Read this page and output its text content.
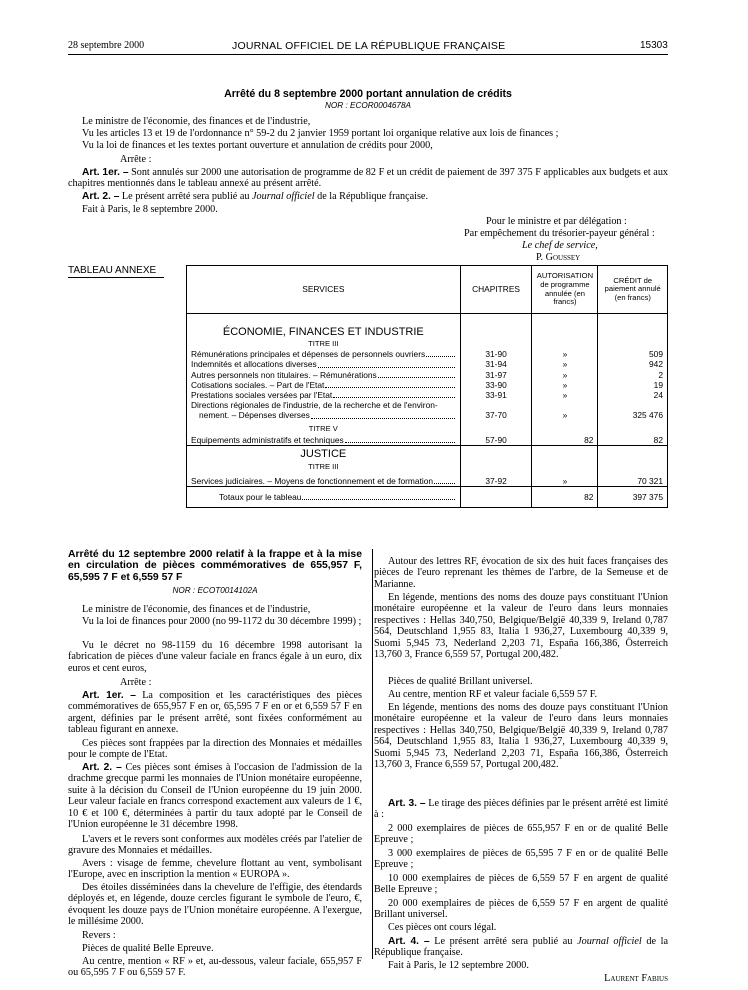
28 septembre 2000	JOURNAL OFFICIEL DE LA RÉPUBLIQUE FRANÇAISE	15303
Arrêté du 8 septembre 2000 portant annulation de crédits
NOR : ECOR0004678A

Le ministre de l'économie, des finances et de l'industrie,

Vu les articles 13 et 19 de l'ordonnance n° 59-2 du 2 janvier 1959 portant loi organique relative aux lois de finances ;

Vu la loi de finances et les textes portant ouverture et annulation de crédits pour 2000,

Arrête :

Art. 1er. – Sont annulés sur 2000 une autorisation de programme de 82 F et un crédit de paiement de 397 375 F applicables aux budgets et aux chapitres mentionnés dans le tableau annexé au présent arrêté.

Art. 2. – Le présent arrêté sera publié au Journal officiel de la République française.

Fait à Paris, le 8 septembre 2000.

Pour le ministre et par délégation :

Par empêchement du trésorier-payeur général :

Le chef de service,

P. Goussey

TABLEAU ANNEXE
SERVICES	CHAPITRES	AUTORISATION de programme annulée (en francs)	CRÉDIT de paiement annulé (en francs)

ÉCONOMIE, FINANCES ET INDUSTRIE			
TITRE III			

Rémunérations principales et dépenses de personnels ouvriers	31-90	»	509

Indemnités et allocations diverses	31-94	»	942

Autres personnels non titulaires. – Rémunérations	31-97	»	2

Cotisations sociales. – Part de l'Etat	33-90	»	19

Prestations sociales versées par l'Etat	33-91	»	24
Directions régionales de l'industrie, de la recherche et de l'environ-			

nement. – Dépenses diverses	37-70	»	325 476
TITRE V			

Equipements administratifs et techniques	57-90	82	82
JUSTICE			
TITRE III			

Services judiciaires. – Moyens de fonctionnement et de formation	37-92	»	70 321

Totaux pour le tableau		82	397 375
Arrêté du 12 septembre 2000 relatif à la frappe et à la mise en circulation de pièces commémoratives de 655,957 F, 65,595 7 F et 6,559 57 F
NOR : ECOT0014102A

Le ministre de l'économie, des finances et de l'industrie,

Vu la loi de finances pour 2000 (no 99-1172 du 30 décembre 1999) ;

Vu le décret no 98-1159 du 16 décembre 1998 autorisant la fabrication de pièces d'une valeur faciale en francs égale à un euro, dix euros et cent euros,

Arrête :

Art. 1er. – La composition et les caractéristiques des pièces commémoratives de 655,957 F en or, 65,595 7 F en or et 6,559 57 F en argent, définies par le présent arrêté, sont fixées conformément au tableau figurant en annexe.

Ces pièces sont frappées par la direction des Monnaies et médailles pour le compte de l'Etat.

Art. 2. – Ces pièces sont émises à l'occasion de l'admission de la drachme grecque parmi les monnaies de l'Union monétaire européenne, suite à la décision du Conseil de l'Union européenne du 19 juin 2000. Leur valeur faciale en francs correspond exactement aux valeurs de 1 €, 10 € et 100 €, déterminées à partir du taux adopté par le Conseil de l'Union européenne le 31 décembre 1998.

L'avers et le revers sont conformes aux modèles créés par l'atelier de gravure des Monnaies et médailles.

Avers : visage de femme, chevelure flottant au vent, symbolisant l'Europe, avec en inscription la mention « EUROPA ».

Des étoiles disséminées dans la chevelure de l'effigie, des étendards déployés et, en légende, douze cercles figurant le symbole de l'euro, €, évoquent les douze pays de l'Union monétaire européenne. A l'exergue, le millésime 2000.

Revers :

Pièces de qualité Belle Epreuve.

Au centre, mention « RF » et, au-dessous, valeur faciale, 655,957 F ou 65,595 7 F ou 6,559 57 F.

Autour des lettres RF, évocation de six des huit faces françaises des pièces de l'euro reprenant les thèmes de l'arbre, de la Semeuse et de Marianne.

En légende, mentions des noms des douze pays constituant l'Union monétaire européenne et la valeur de l'euro dans leurs monnaies respectives : Hellas 340,750, Belgique/België 40,339 9, Ireland 0,787 564, Deutschland 1,955 83, Italia 1 936,27, Luxembourg 40,339 9, Suomi 5,945 73, Nederland 2,203 71, España 166,386, Österreich 13,760 3, France 6,559 57, Portugal 200,482.

Pièces de qualité Brillant universel.

Au centre, mention RF et valeur faciale 6,559 57 F.

En légende, mentions des noms des douze pays constituant l'Union monétaire européenne et la valeur de l'euro dans leurs monnaies respectives : Hellas 340,750, Belgique/België 40,339 9, Ireland 0,787 564, Deutschland 1,955 83, Italia 1 936,27, Luxembourg 40,339 9, Suomi 5,945 73, Nederland 2,203 71, España 166,386, Österreich 13,760 3, France 6,559 57, Portugal 200,482.

Art. 3. – Le tirage des pièces définies par le présent arrêté est limité à :

2 000 exemplaires de pièces de 655,957 F en or de qualité Belle Epreuve ;

3 000 exemplaires de pièces de 65,595 7 F en or de qualité Belle Epreuve ;

10 000 exemplaires de pièces de 6,559 57 F en argent de qualité Belle Epreuve ;

20 000 exemplaires de pièces de 6,559 57 F en argent de qualité Brillant universel.

Ces pièces ont cours légal.

Art. 4. – Le présent arrêté sera publié au Journal officiel de la République française.

Fait à Paris, le 12 septembre 2000.

Laurent Fabius
